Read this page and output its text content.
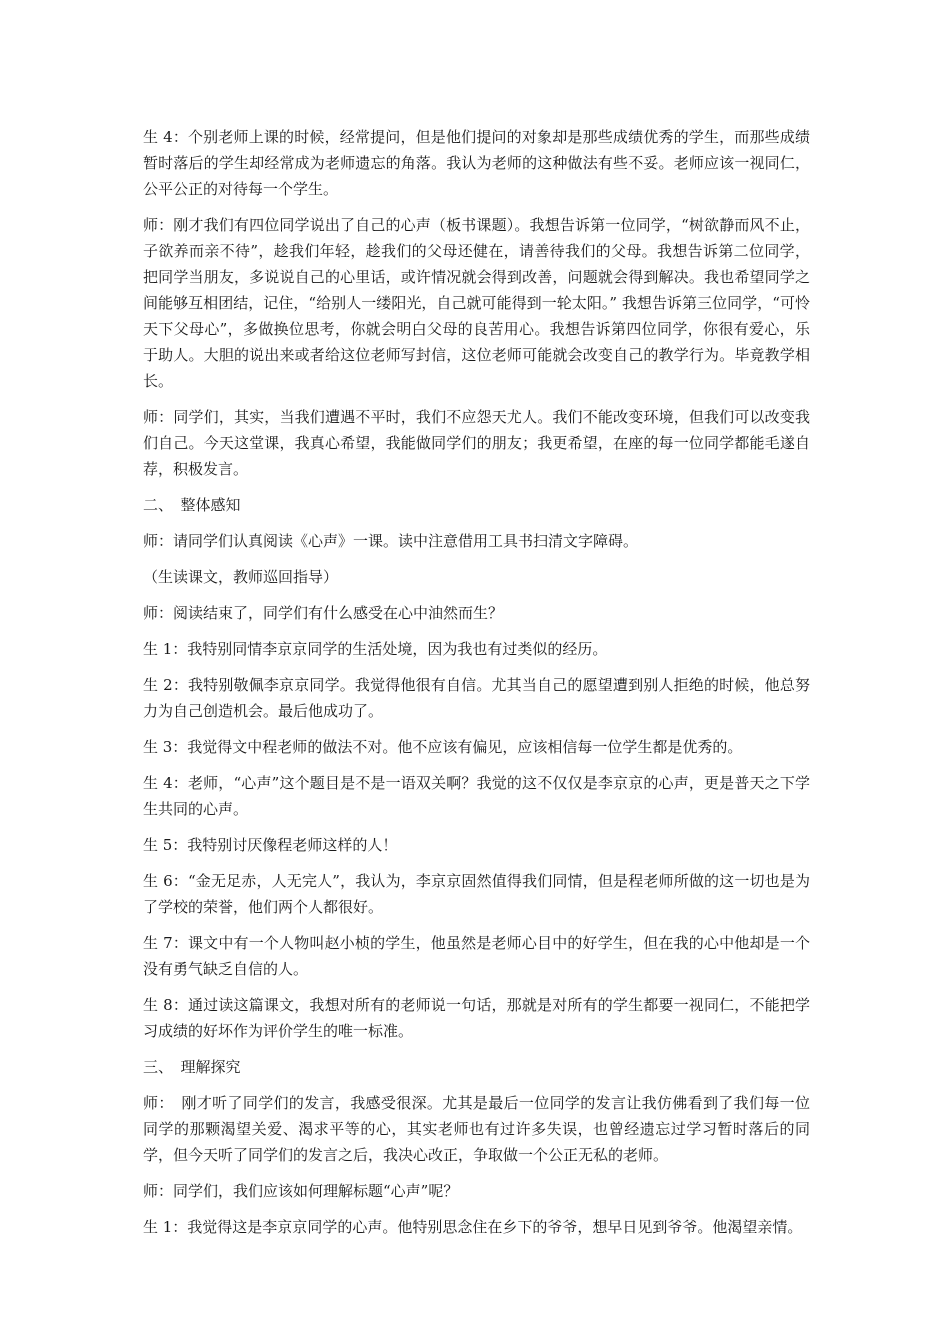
生 4：个别老师上课的时候，经常提问，但是他们提问的对象却是那些成绩优秀的学生，而那些成绩暂时落后的学生却经常成为老师遗忘的角落。我认为老师的这种做法有些不妥。老师应该一视同仁，公平公正的对待每一个学生。

师：刚才我们有四位同学说出了自己的心声（板书课题）。我想告诉第一位同学，“树欲静而风不止，子欲养而亲不待”，趁我们年轻，趁我们的父母还健在，请善待我们的父母。我想告诉第二位同学，把同学当朋友，多说说自己的心里话，或许情况就会得到改善，问题就会得到解决。我也希望同学之间能够互相团结，记住，“给别人一缕阳光，自己就可能得到一轮太阳。” 我想告诉第三位同学，“可怜天下父母心”，多做换位思考，你就会明白父母的良苦用心。我想告诉第四位同学，你很有爱心，乐于助人。大胆的说出来或者给这位老师写封信，这位老师可能就会改变自己的教学行为。毕竟教学相长。

师：同学们，其实，当我们遭遇不平时，我们不应怨天尤人。我们不能改变环境，但我们可以改变我们自己。今天这堂课，我真心希望，我能做同学们的朋友；我更希望，在座的每一位同学都能毛遂自荐，积极发言。

二、　整体感知

师：请同学们认真阅读《心声》一课。读中注意借用工具书扫清文字障碍。

（生读课文，教师巡回指导）

师：阅读结束了，同学们有什么感受在心中油然而生？

生 1：我特别同情李京京同学的生活处境，因为我也有过类似的经历。

生 2：我特别敬佩李京京同学。我觉得他很有自信。尤其当自己的愿望遭到别人拒绝的时候，他总努力为自己创造机会。最后他成功了。

生 3：我觉得文中程老师的做法不对。他不应该有偏见，应该相信每一位学生都是优秀的。

生 4：老师，“心声”这个题目是不是一语双关啊？我觉的这不仅仅是李京京的心声，更是普天之下学生共同的心声。

生 5：我特别讨厌像程老师这样的人！

生 6：“金无足赤，人无完人”，我认为，李京京固然值得我们同情，但是程老师所做的这一切也是为了学校的荣誉，他们两个人都很好。

生 7：课文中有一个人物叫赵小桢的学生，他虽然是老师心目中的好学生，但在我的心中他却是一个没有勇气缺乏自信的人。

生 8：通过读这篇课文，我想对所有的老师说一句话，那就是对所有的学生都要一视同仁，不能把学习成绩的好坏作为评价学生的唯一标准。

三、　理解探究

师：　刚才听了同学们的发言，我感受很深。尤其是最后一位同学的发言让我仿佛看到了我们每一位同学的那颗渴望关爱、渴求平等的心，其实老师也有过许多失误，也曾经遗忘过学习暂时落后的同学，但今天听了同学们的发言之后，我决心改正，争取做一个公正无私的老师。

师：同学们，我们应该如何理解标题“心声”呢？

生 1：我觉得这是李京京同学的心声。他特别思念住在乡下的爷爷，想早日见到爷爷。他渴望亲情。
